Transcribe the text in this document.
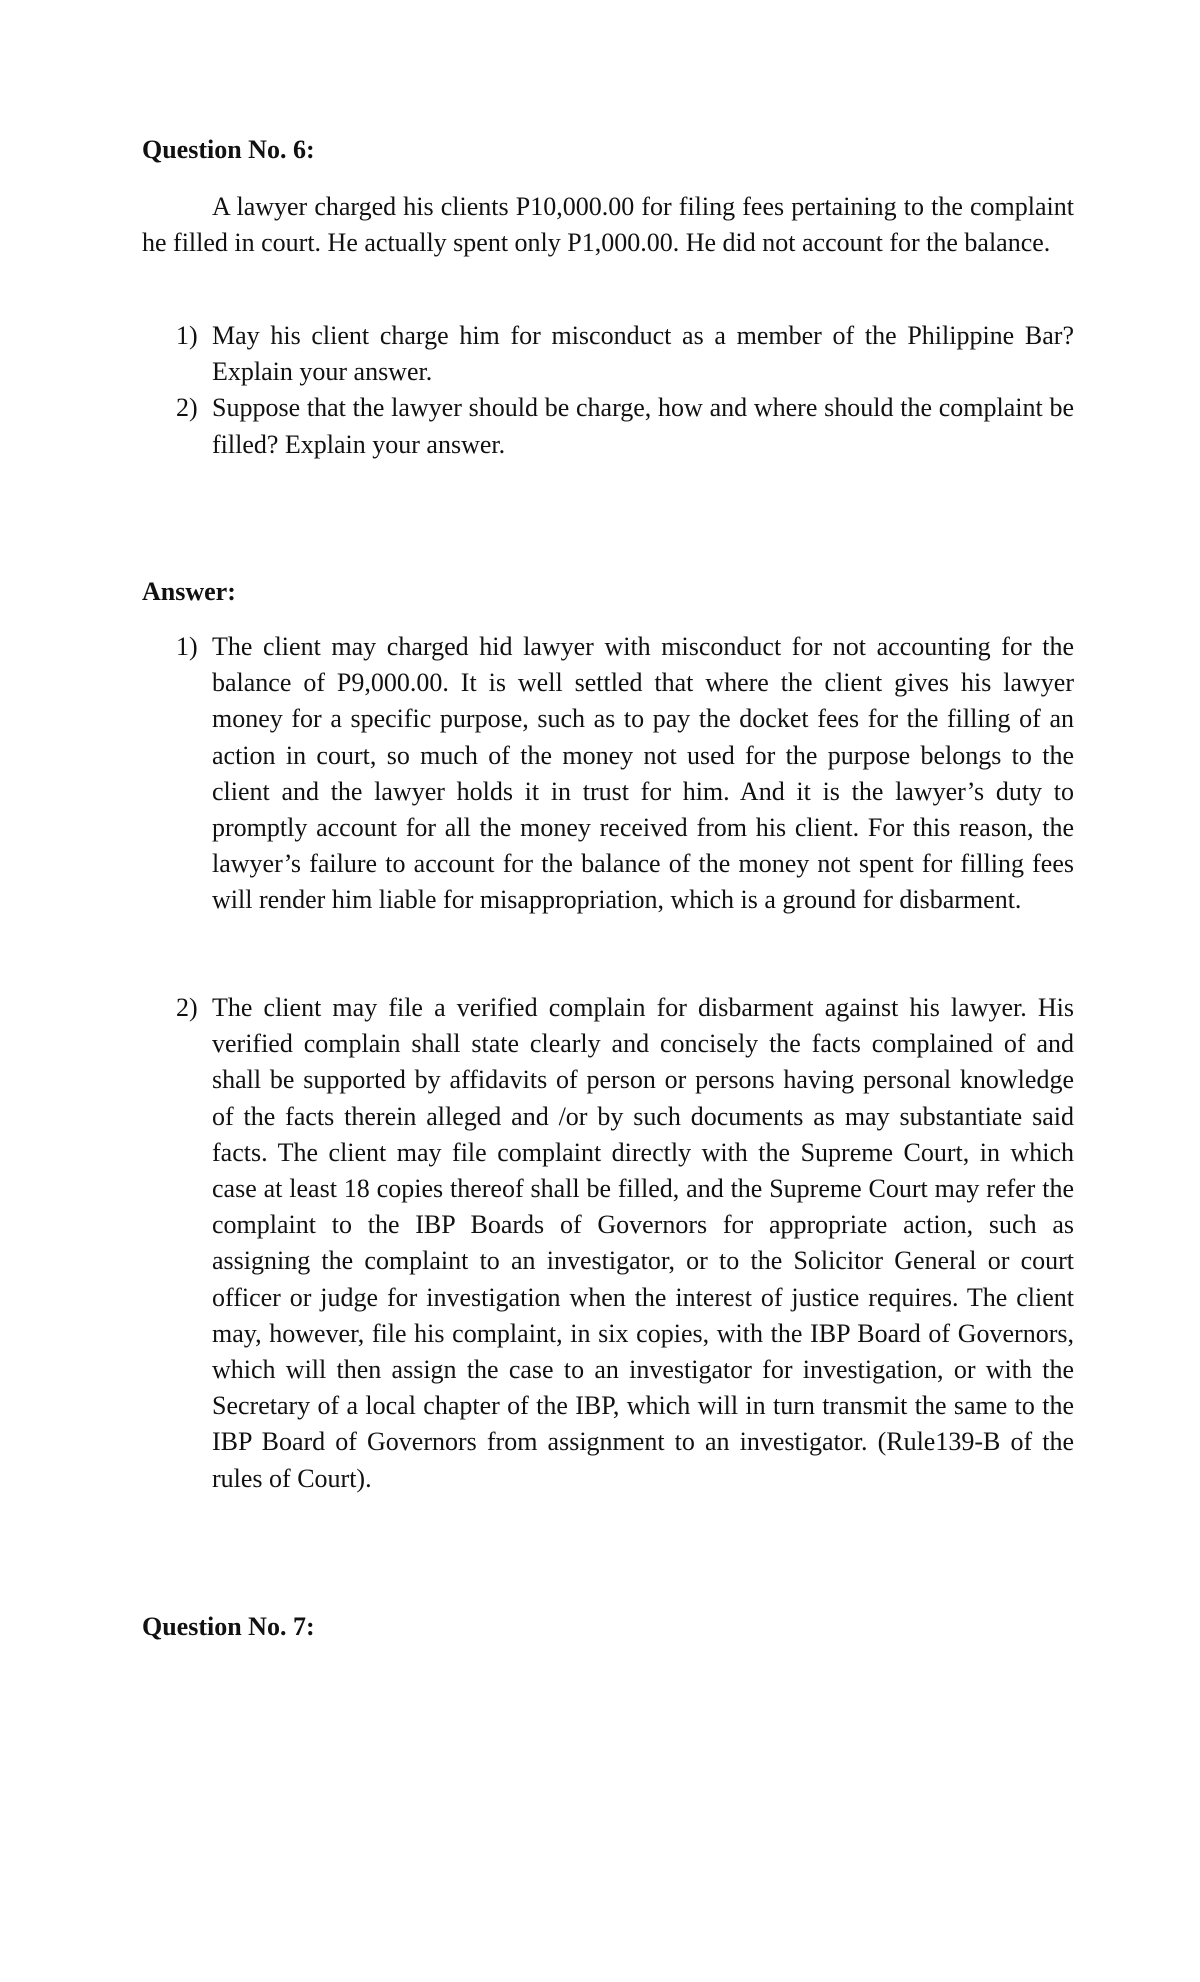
Question No. 6:

A lawyer charged his clients P10,000.00 for filing fees pertaining to the complaint he filled in court. He actually spent only P1,000.00. He did not account for the balance.

1) May his client charge him for misconduct as a member of the Philippine Bar? Explain your answer.
2) Suppose that the lawyer should be charge, how and where should the complaint be filled? Explain your answer.
Answer:
1) The client may charged hid lawyer with misconduct for not accounting for the balance of P9,000.00. It is well settled that where the client gives his lawyer money for a specific purpose, such as to pay the docket fees for the filling of an action in court, so much of the money not used for the purpose belongs to the client and the lawyer holds it in trust for him. And it is the lawyer’s duty to promptly account for all the money received from his client. For this reason, the lawyer’s failure to account for the balance of the money not spent for filling fees will render him liable for misappropriation, which is a ground for disbarment.
2) The client may file a verified complain for disbarment against his lawyer. His verified complain shall state clearly and concisely the facts complained of and shall be supported by affidavits of person or persons having personal knowledge of the facts therein alleged and /or by such documents as may substantiate said facts. The client may file complaint directly with the Supreme Court, in which case at least 18 copies thereof shall be filled, and the Supreme Court may refer the complaint to the IBP Boards of Governors for appropriate action, such as assigning the complaint to an investigator, or to the Solicitor General or court officer or judge for investigation when the interest of justice requires. The client may, however, file his complaint, in six copies, with the IBP Board of Governors, which will then assign the case to an investigator for investigation, or with the Secretary of a local chapter of the IBP, which will in turn transmit the same to the IBP Board of Governors from assignment to an investigator. (Rule139-B of the rules of Court).
Question No. 7:
